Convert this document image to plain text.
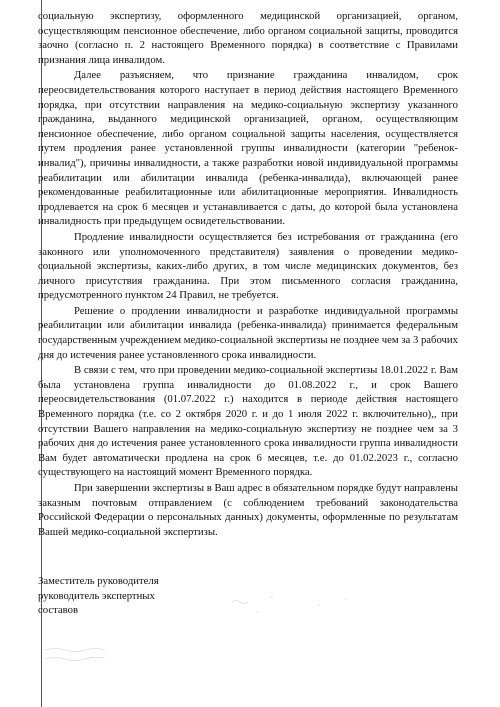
социальную экспертизу, оформленного медицинской организацией, органом, осуществляющим пенсионное обеспечение, либо органом социальной защиты, проводится заочно (согласно п. 2 настоящего Временного порядка) в соответствие с Правилами признания лица инвалидом.

Далее разъясняем, что признание гражданина инвалидом, срок переосвидетельствования которого наступает в период действия настоящего Временного порядка, при отсутствии направления на медико-социальную экспертизу указанного гражданина, выданного медицинской организацией, органом, осуществляющим пенсионное обеспечение, либо органом социальной защиты населения, осуществляется путем продления ранее установленной группы инвалидности (категории "ребенок-инвалид"), причины инвалидности, а также разработки новой индивидуальной программы реабилитации или абилитации инвалида (ребенка-инвалида), включающей ранее рекомендованные реабилитационные или абилитационные мероприятия. Инвалидность продлевается на срок 6 месяцев и устанавливается с даты, до которой была установлена инвалидность при предыдущем освидетельствовании.

Продление инвалидности осуществляется без истребования от гражданина (его законного или уполномоченного представителя) заявления о проведении медико-социальной экспертизы, каких-либо других, в том числе медицинских документов, без личного присутствия гражданина. При этом письменного согласия гражданина, предусмотренного пунктом 24 Правил, не требуется.

Решение о продлении инвалидности и разработке индивидуальной программы реабилитации или абилитации инвалида (ребенка-инвалида) принимается федеральным государственным учреждением медико-социальной экспертизы не позднее чем за 3 рабочих дня до истечения ранее установленного срока инвалидности.

В связи с тем, что при проведении медико-социальной экспертизы 18.01.2022 г. Вам была установлена группа инвалидности до 01.08.2022 г., и срок Вашего переосвидетельствования (01.07.2022 г.) находится в периоде действия настоящего Временного порядка (т.е. со 2 октября 2020 г. и до 1 июля 2022 г. включительно),, при отсутствии Вашего направления на медико-социальную экспертизу не позднее чем за 3 рабочих дня до истечения ранее установленного срока инвалидности группа инвалидности Вам будет автоматически продлена на срок 6 месяцев, т.е. до 01.02.2023 г., согласно существующего на настоящий момент Временного порядка.

При завершении экспертизы в Ваш адрес в обязательном порядке будут направлены заказным почтовым отправлением (с соблюдением требований законодательства Российской Федерации о персональных данных) документы, оформленные по результатам Вашей медико-социальной экспертизы.

Заместитель руководителя
руководитель экспертных
составов
